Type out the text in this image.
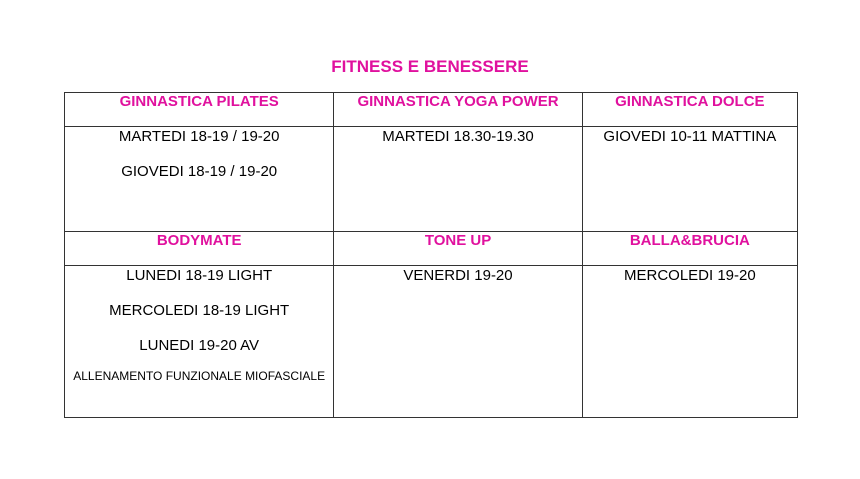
FITNESS E BENESSERE
GINNASTICA PILATES	GINNASTICA YOGA POWER	GINNASTICA DOLCE

MARTEDI 18-19 / 19-20

GIOVEDI 18-19 / 19-20	MARTEDI 18.30-19.30	GIOVEDI 10-11 MATTINA

BODYMATE	TONE UP	BALLA&BRUCIA

LUNEDI 18-19 LIGHT

MERCOLEDI 18-19 LIGHT

LUNEDI 19-20 AV

ALLENAMENTO FUNZIONALE MIOFASCIALE	VENERDI 19-20	MERCOLEDI 19-20
